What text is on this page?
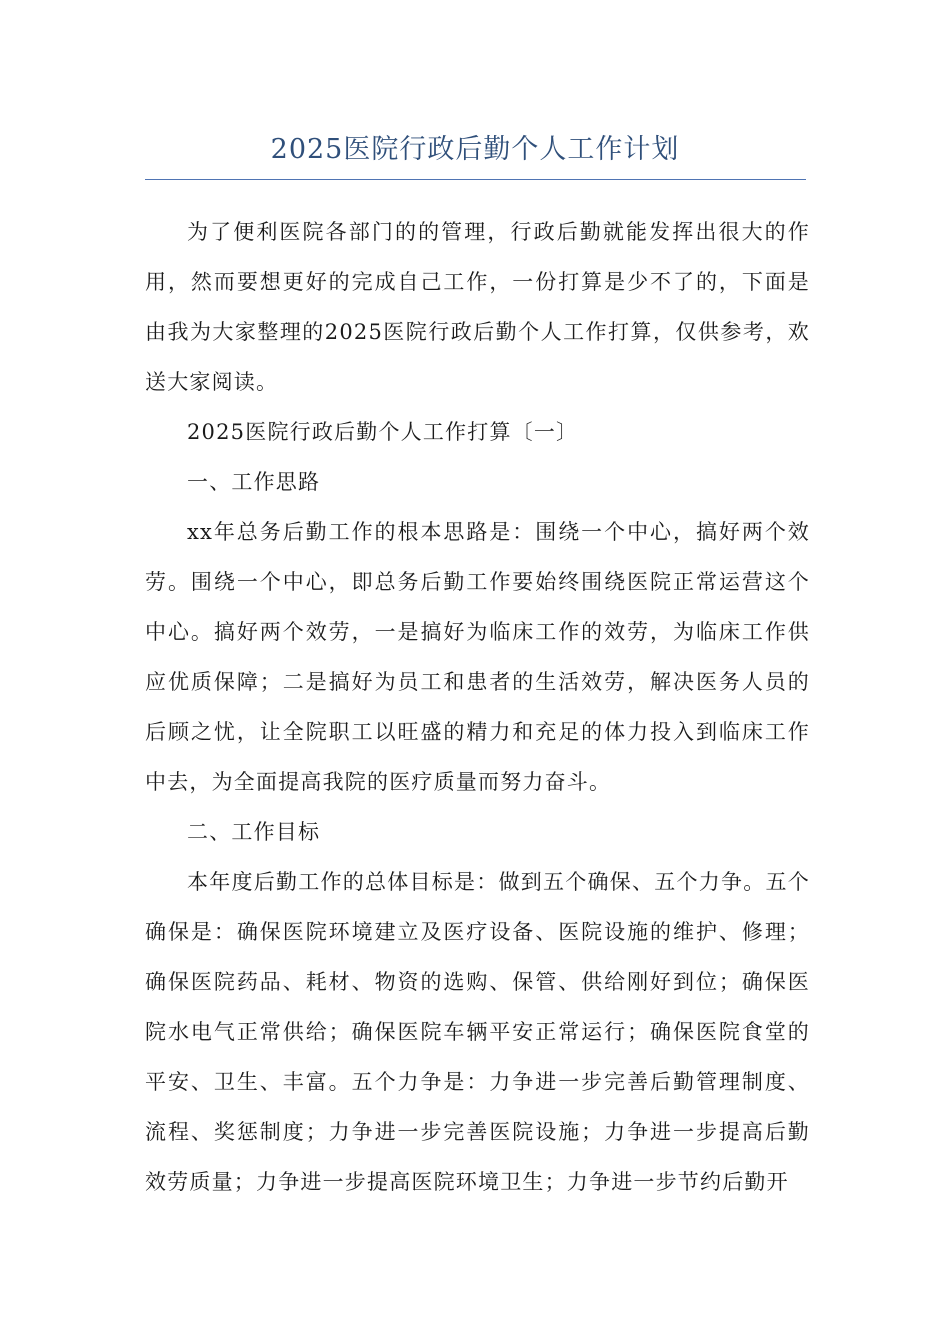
2025医院行政后勤个人工作计划

为了便利医院各部门的的管理，行政后勤就能发挥出很大的作用，然而要想更好的完成自己工作，一份打算是少不了的，下面是由我为大家整理的2025医院行政后勤个人工作打算，仅供参考，欢送大家阅读。

2025医院行政后勤个人工作打算〔一〕

一、工作思路

xx年总务后勤工作的根本思路是：围绕一个中心，搞好两个效劳。围绕一个中心，即总务后勤工作要始终围绕医院正常运营这个中心。搞好两个效劳，一是搞好为临床工作的效劳，为临床工作供应优质保障；二是搞好为员工和患者的生活效劳，解决医务人员的后顾之忧，让全院职工以旺盛的精力和充足的体力投入到临床工作中去，为全面提高我院的医疗质量而努力奋斗。

二、工作目标

本年度后勤工作的总体目标是：做到五个确保、五个力争。五个确保是：确保医院环境建立及医疗设备、医院设施的维护、修理；确保医院药品、耗材、物资的选购、保管、供给刚好到位；确保医院水电气正常供给；确保医院车辆平安正常运行；确保医院食堂的平安、卫生、丰富。五个力争是：力争进一步完善后勤管理制度、流程、奖惩制度；力争进一步完善医院设施；力争进一步提高后勤效劳质量；力争进一步提高医院环境卫生；力争进一步节约后勤开
